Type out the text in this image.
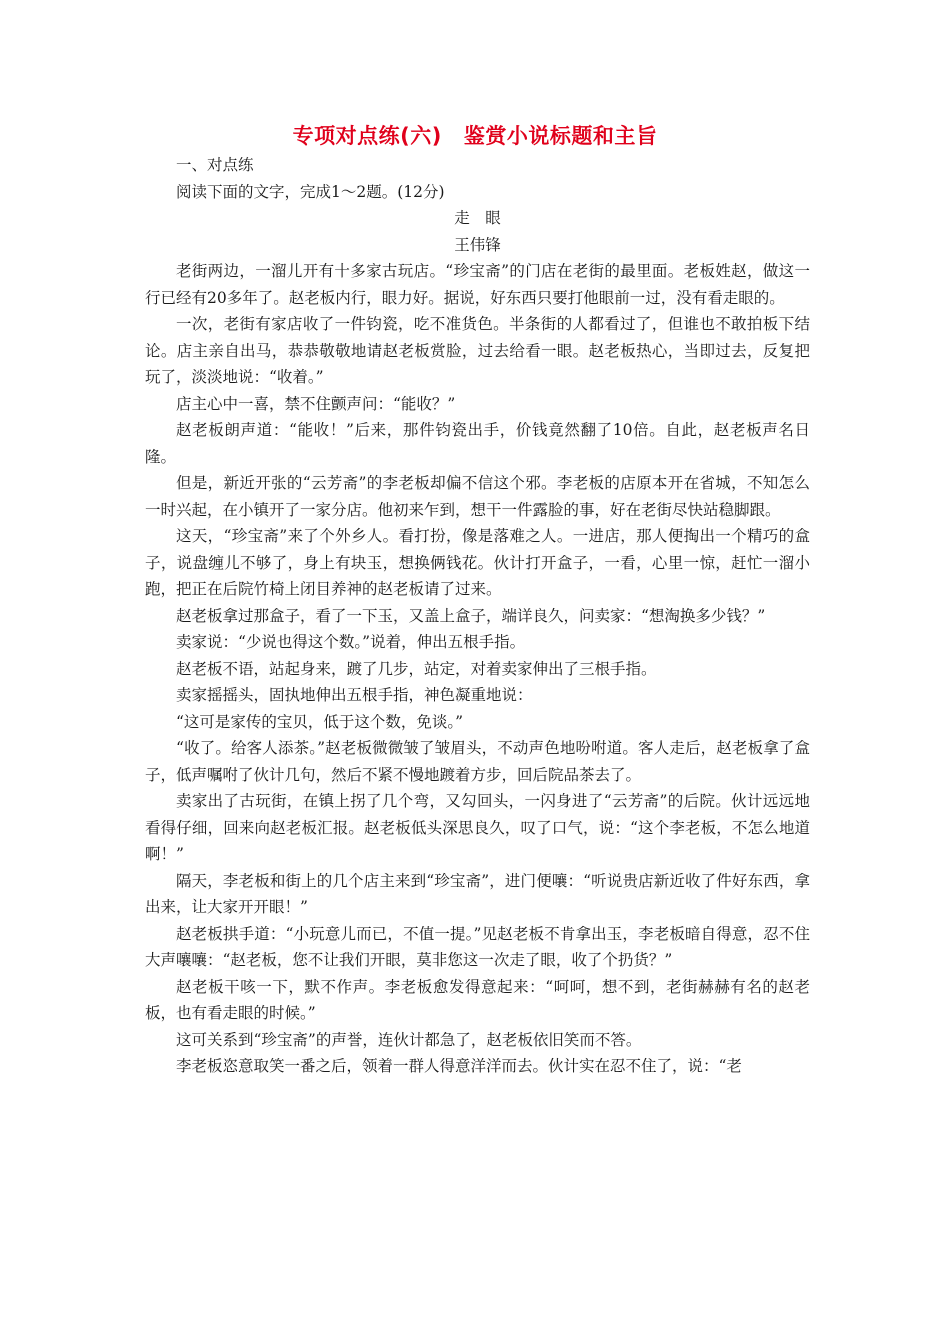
专项对点练(六) 鉴赏小说标题和主旨

一、对点练

阅读下面的文字，完成1～2题。(12分)

走　眼

王伟锋

老街两边，一溜儿开有十多家古玩店。“珍宝斋”的门店在老街的最里面。老板姓赵，做这一行已经有20多年了。赵老板内行，眼力好。据说，好东西只要打他眼前一过，没有看走眼的。

一次，老街有家店收了一件钧瓷，吃不准货色。半条街的人都看过了，但谁也不敢拍板下结论。店主亲自出马，恭恭敬敬地请赵老板赏脸，过去给看一眼。赵老板热心，当即过去，反复把玩了，淡淡地说：“收着。”

店主心中一喜，禁不住颤声问：“能收？”

赵老板朗声道：“能收！”后来，那件钧瓷出手，价钱竟然翻了10倍。自此，赵老板声名日隆。

但是，新近开张的“云芳斋”的李老板却偏不信这个邪。李老板的店原本开在省城，不知怎么一时兴起，在小镇开了一家分店。他初来乍到，想干一件露脸的事，好在老街尽快站稳脚跟。

这天，“珍宝斋”来了个外乡人。看打扮，像是落难之人。一进店，那人便掏出一个精巧的盒子，说盘缠儿不够了，身上有块玉，想换俩钱花。伙计打开盒子，一看，心里一惊，赶忙一溜小跑，把正在后院竹椅上闭目养神的赵老板请了过来。

赵老板拿过那盒子，看了一下玉，又盖上盒子，端详良久，问卖家：“想淘换多少钱？”

卖家说：“少说也得这个数。”说着，伸出五根手指。

赵老板不语，站起身来，踱了几步，站定，对着卖家伸出了三根手指。

卖家摇摇头，固执地伸出五根手指，神色凝重地说：

“这可是家传的宝贝，低于这个数，免谈。”

“收了。给客人添茶。”赵老板微微皱了皱眉头，不动声色地吩咐道。客人走后，赵老板拿了盒子，低声嘱咐了伙计几句，然后不紧不慢地踱着方步，回后院品茶去了。

卖家出了古玩街，在镇上拐了几个弯，又勾回头，一闪身进了“云芳斋”的后院。伙计远远地看得仔细，回来向赵老板汇报。赵老板低头深思良久，叹了口气，说：“这个李老板，不怎么地道啊！”

隔天，李老板和街上的几个店主来到“珍宝斋”，进门便嚷：“听说贵店新近收了件好东西，拿出来，让大家开开眼！”

赵老板拱手道：“小玩意儿而已，不值一提。”见赵老板不肯拿出玉，李老板暗自得意，忍不住大声嚷嚷：“赵老板，您不让我们开眼，莫非您这一次走了眼，收了个扔货？”

赵老板干咳一下，默不作声。李老板愈发得意起来：“呵呵，想不到，老街赫赫有名的赵老板，也有看走眼的时候。”

这可关系到“珍宝斋”的声誉，连伙计都急了，赵老板依旧笑而不答。

李老板恣意取笑一番之后，领着一群人得意洋洋而去。伙计实在忍不住了，说：“老
